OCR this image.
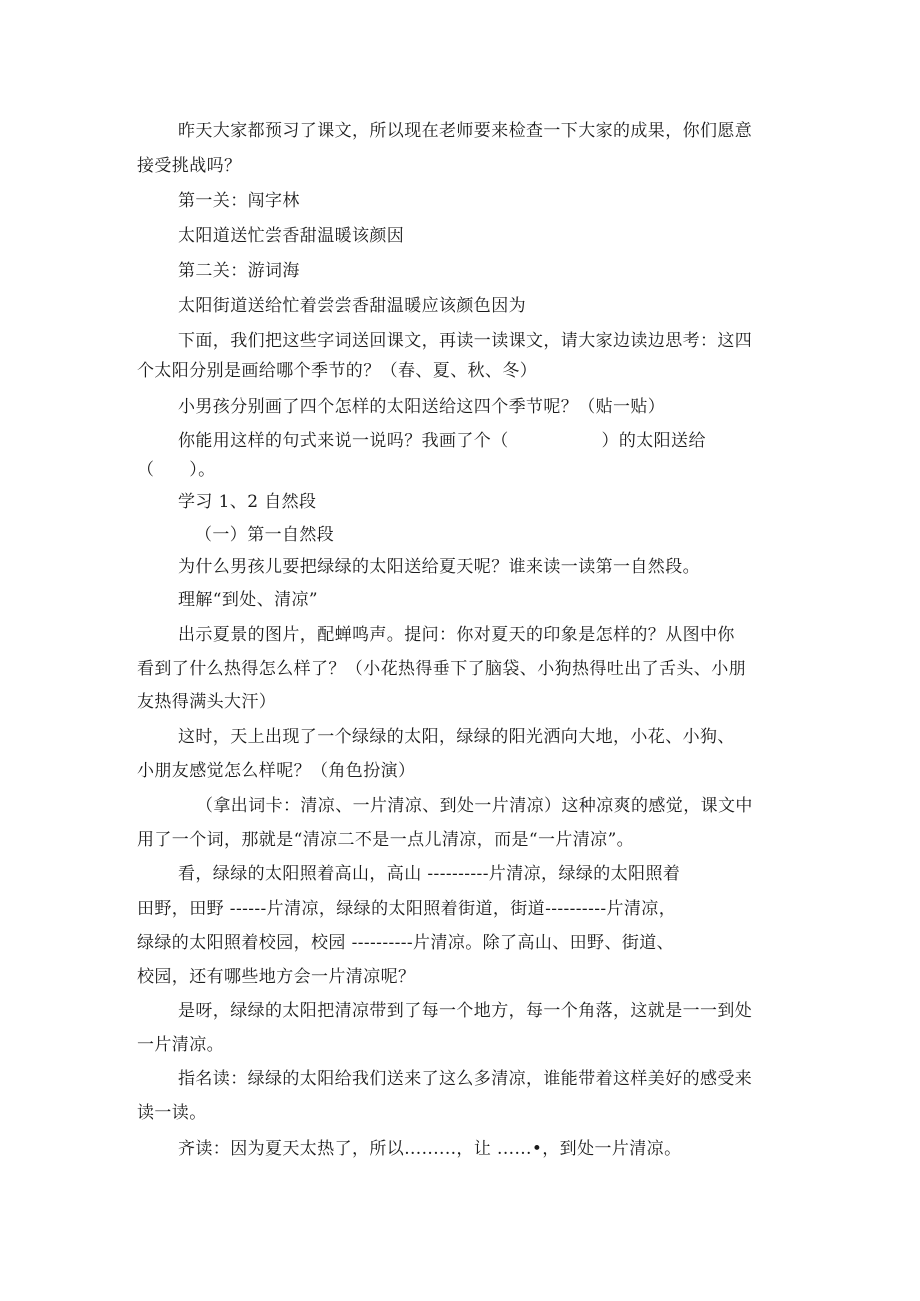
昨天大家都预习了课文，所以现在老师要来检查一下大家的成果，你们愿意
接受挑战吗？
第一关：闯字林
太阳道送忙尝香甜温暖该颜因
第二关：游词海
太阳街道送给忙着尝尝香甜温暖应该颜色因为
下面，我们把这些字词送回课文，再读一读课文，请大家边读边思考：这四
个太阳分别是画给哪个季节的？（春、夏、秋、冬）
小男孩分别画了四个怎样的太阳送给这四个季节呢？（贴一贴）
你能用这样的句式来说一说吗？我画了个（                ）的太阳送给
（      ）。
学习 1、2 自然段
（一）第一自然段
为什么男孩儿要把绿绿的太阳送给夏天呢？谁来读一读第一自然段。
理解“到处、清凉”
出示夏景的图片，配蝉鸣声。提问：你对夏天的印象是怎样的？从图中你
看到了什么热得怎么样了？（小花热得垂下了脑袋、小狗热得吐出了舌头、小朋
友热得满头大汗）
这时，天上出现了一个绿绿的太阳，绿绿的阳光洒向大地，小花、小狗、
小朋友感觉怎么样呢？（角色扮演）
（拿出词卡：清凉、一片清凉、到处一片清凉）这种凉爽的感觉，课文中
用了一个词，那就是“清凉二不是一点儿清凉，而是“一片清凉”。
看，绿绿的太阳照着高山，高山 ----------片清凉，绿绿的太阳照着
田野，田野 ------片清凉，绿绿的太阳照着街道，街道----------片清凉，
绿绿的太阳照着校园，校园 ----------片清凉。除了高山、田野、街道、
校园，还有哪些地方会一片清凉呢？
是呀，绿绿的太阳把清凉带到了每一个地方，每一个角落，这就是一一到处
一片清凉。
指名读：绿绿的太阳给我们送来了这么多清凉，谁能带着这样美好的感受来
读一读。
齐读：因为夏天太热了，所以.........，让 ......•，到处一片清凉。
